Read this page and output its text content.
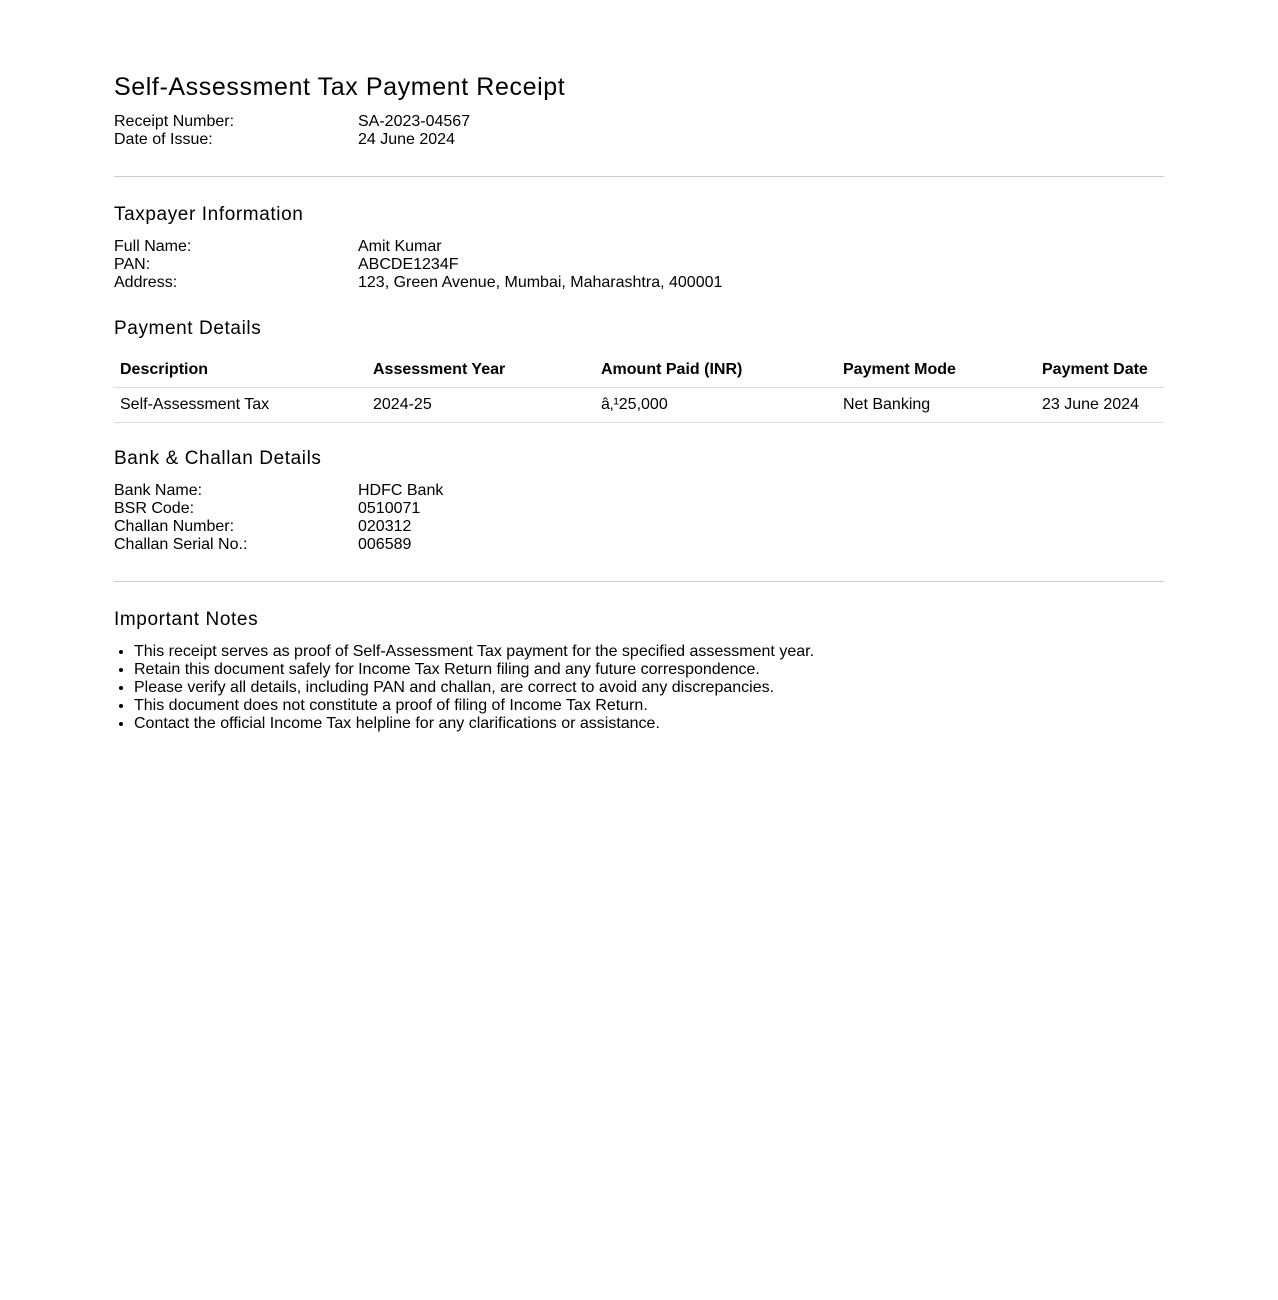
Self-Assessment Tax Payment Receipt
Receipt Number:	SA-2023-04567
Date of Issue:	24 June 2024
Taxpayer Information
Full Name:	Amit Kumar
PAN:	ABCDE1234F
Address:	123, Green Avenue, Mumbai, Maharashtra, 400001
Payment Details
Description	Assessment Year	Amount Paid (INR)	Payment Mode	Payment Date
Self-Assessment Tax	2024-25	â‚¹25,000	Net Banking	23 June 2024
Bank & Challan Details
Bank Name:	HDFC Bank
BSR Code:	0510071
Challan Number:	020312
Challan Serial No.:	006589
Important Notes
• This receipt serves as proof of Self-Assessment Tax payment for the specified assessment year.
• Retain this document safely for Income Tax Return filing and any future correspondence.
• Please verify all details, including PAN and challan, are correct to avoid any discrepancies.
• This document does not constitute a proof of filing of Income Tax Return.
• Contact the official Income Tax helpline for any clarifications or assistance.
